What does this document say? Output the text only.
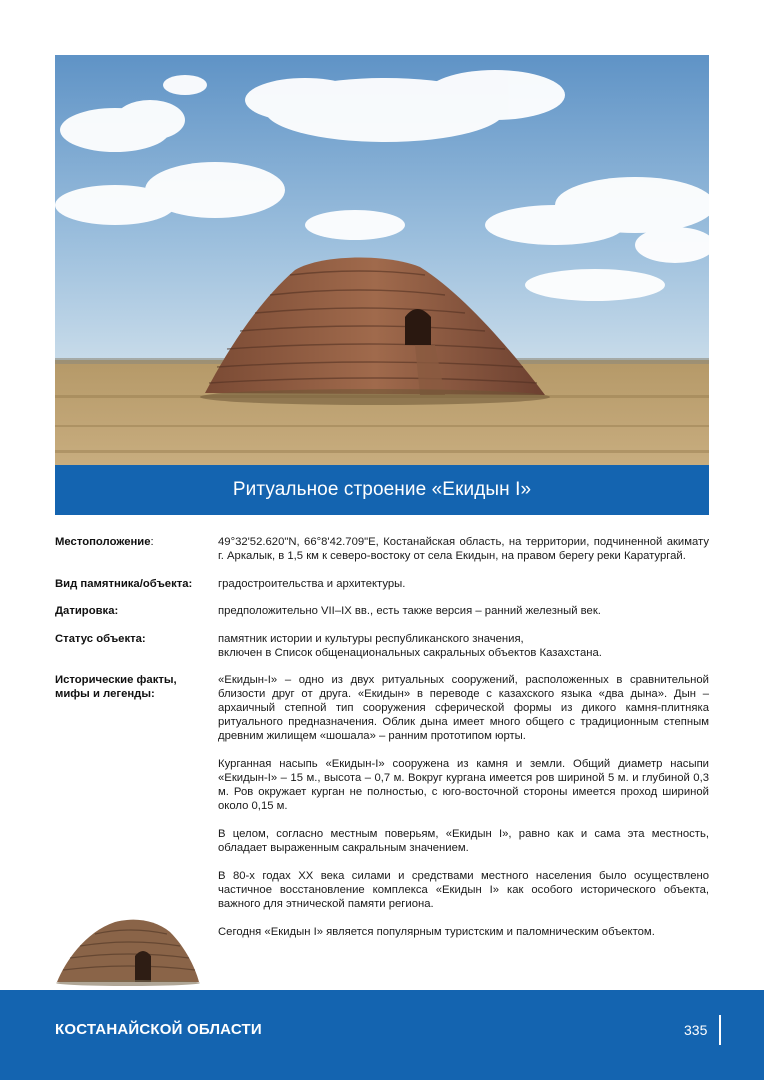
Ритуальное строение «Екидын I»
Местоположение:	49°32'52.620"N, 66°8'42.709"E, Костанайская область, на территории, подчиненной акимату г. Аркалык, в 1,5 км к северо-востоку от села Екидын, на правом берегу реки Каратургай.
Вид памятника/объекта:	градостроительства и архитектуры.
Датировка:	предположительно VII–IX вв., есть также версия – ранний железный век.
Статус объекта:	памятник истории и культуры республиканского значения,

включен в Список общенациональных сакральных объектов Казахстана.

Исторические факты,
мифы и легенды:

«Екидын-I» – одно из двух ритуальных сооружений, расположенных в сравнительной близости друг от друга. «Екидын» в переводе с казахского языка «два дына». Дын – архаичный степной тип сооружения сферической формы из дикого камня-плитняка ритуального предназначения. Облик дына имеет много общего с традиционным степным древним жилищем «шошала» – ранним прототипом юрты.

Курганная насыпь «Екидын-I» сооружена из камня и земли. Общий диаметр насыпи «Екидын-I» – 15 м., высота – 0,7 м. Вокруг кургана имеется ров шириной 5 м. и глубиной 0,3 м. Ров окружает курган не полностью, с юго-восточной стороны имеется проход шириной около 0,15 м.

В целом, согласно местным поверьям, «Екидын I», равно как и сама эта местность, обладает выраженным сакральным значением.

В 80-х годах XX века силами и средствами местного населения было осуществлено частичное восстановление комплекса «Екидын I» как особого исторического объекта, важного для этнической памяти региона.

Сегодня «Екидын I» является популярным туристским и паломническим объектом.

КОСТАНАЙСКОЙ ОБЛАСТИ	335
